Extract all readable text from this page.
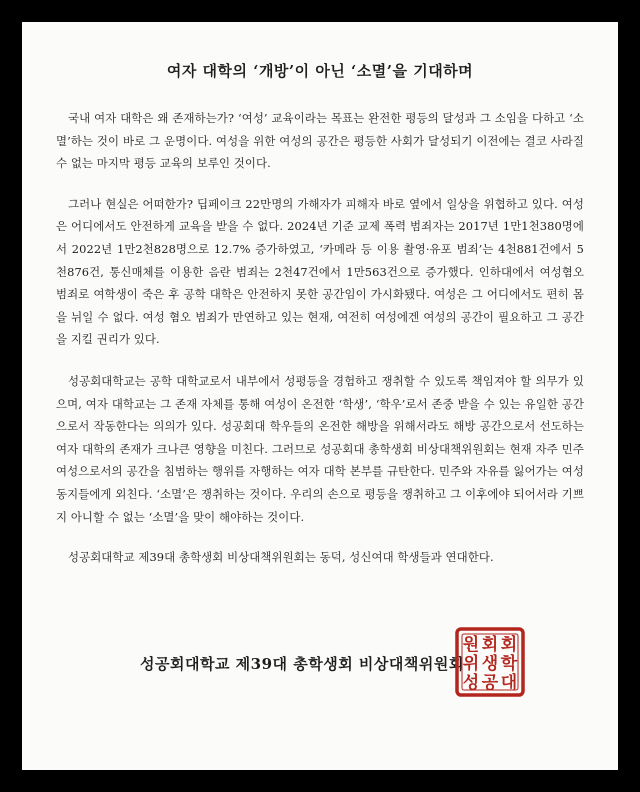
여자 대학의 ‘개방’이 아닌 ‘소멸’을 기대하며

국내 여자 대학은 왜 존재하는가? ‘여성’ 교육이라는 목표는 완전한 평등의 달성과 그 소임을 다하고 ‘소멸’하는 것이 바로 그 운명이다. 여성을 위한 여성의 공간은 평등한 사회가 달성되기 이전에는 결코 사라질 수 없는 마지막 평등 교육의 보루인 것이다.

그러나 현실은 어떠한가? 딥페이크 22만명의 가해자가 피해자 바로 옆에서 일상을 위협하고 있다. 여성은 어디에서도 안전하게 교육을 받을 수 없다. 2024년 기준 교제 폭력 범죄자는 2017년 1만1천380명에서 2022년 1만2천828명으로 12.7% 증가하였고, ‘카메라 등 이용 촬영·유포 범죄’는 4천881건에서 5천876건, 통신매체를 이용한 음란 범죄는 2천47건에서 1만563건으로 증가했다. 인하대에서 여성혐오 범죄로 여학생이 죽은 후 공학 대학은 안전하지 못한 공간임이 가시화됐다. 여성은 그 어디에서도 편히 몸을 뉘일 수 없다. 여성 혐오 범죄가 만연하고 있는 현재, 여전히 여성에겐 여성의 공간이 필요하고 그 공간을 지킬 권리가 있다.

성공회대학교는 공학 대학교로서 내부에서 성평등을 경험하고 쟁취할 수 있도록 책임져야 할 의무가 있으며, 여자 대학교는 그 존재 자체를 통해 여성이 온전한 ‘학생’, ‘학우’로서 존중 받을 수 있는 유일한 공간으로서 작동한다는 의의가 있다. 성공회대 학우들의 온전한 해방을 위해서라도 해방 공간으로서 선도하는 여자 대학의 존재가 크나큰 영향을 미친다. 그러므로 성공회대 총학생회 비상대책위원회는 현재 자주 민주 여성으로서의 공간을 침범하는 행위를 자행하는 여자 대학 본부를 규탄한다. 민주와 자유를 잃어가는 여성 동지들에게 외친다. ‘소멸’은 쟁취하는 것이다. 우리의 손으로 평등을 쟁취하고 그 이후에야 되어서라 기쁘지 아니할 수 없는 ‘소멸’을 맞이 해야하는 것이다.

성공회대학교 제39대 총학생회 비상대책위원회는 동덕, 성신여대 학생들과 연대한다.

성공회대학교 제39대 총학생회 비상대책위원회
회
학
대
회
생
공
원
위
성
